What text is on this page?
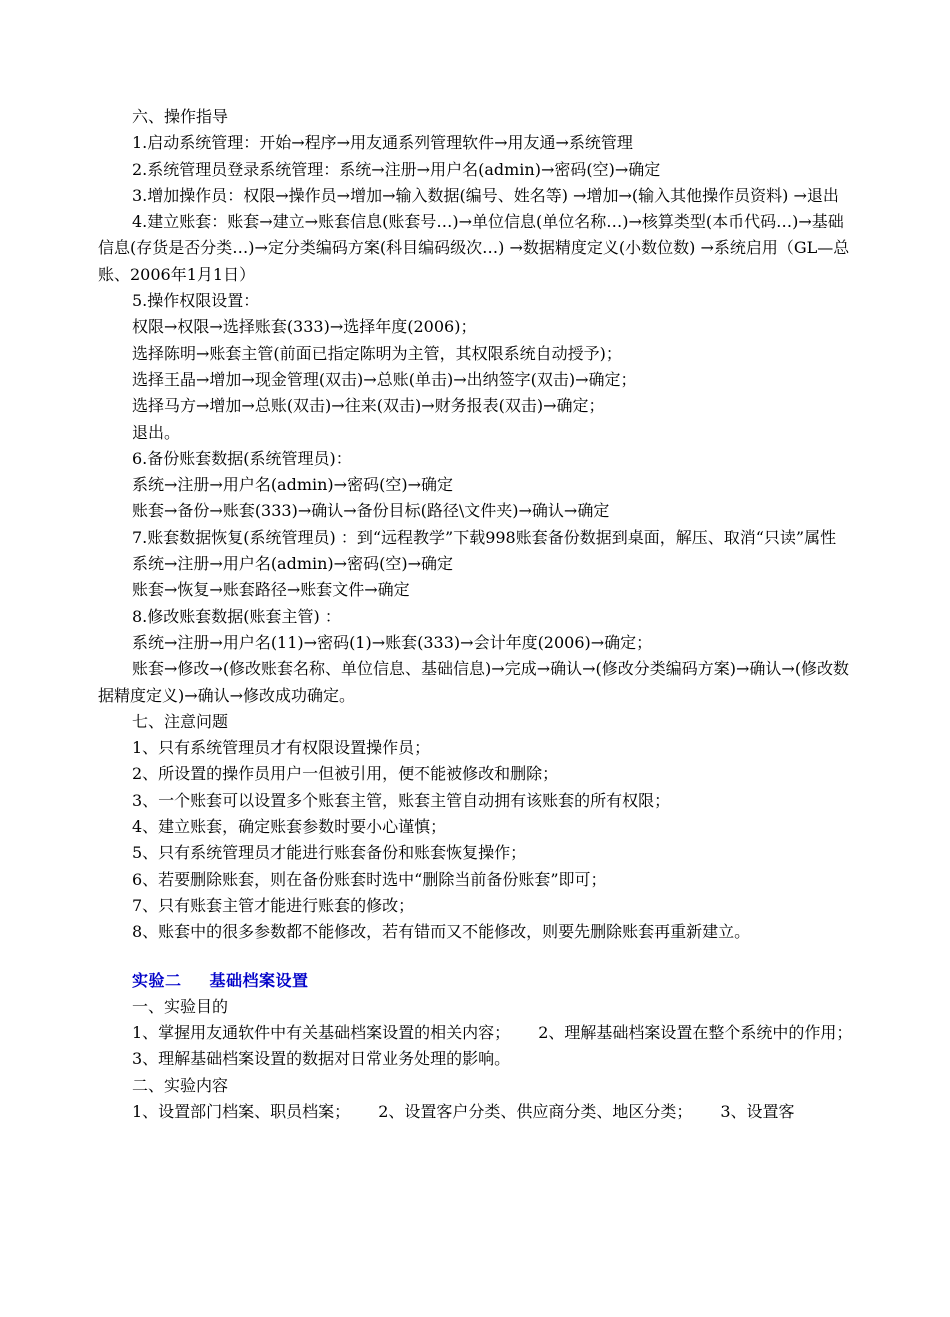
六、操作指导

1.启动系统管理：开始→程序→用友通系列管理软件→用友通→系统管理

2.系统管理员登录系统管理：系统→注册→用户名(admin)→密码(空)→确定

3.增加操作员：权限→操作员→增加→输入数据(编号、姓名等) →增加→(输入其他操作员资料) →退出

4.建立账套：账套→建立→账套信息(账套号…)→单位信息(单位名称…)→核算类型(本币代码…)→基础信息(存货是否分类…)→定分类编码方案(科目编码级次…) →数据精度定义(小数位数) →系统启用（GL—总账、2006年1月1日）

5.操作权限设置：

权限→权限→选择账套(333)→选择年度(2006)；

选择陈明→账套主管(前面已指定陈明为主管，其权限系统自动授予)；

选择王晶→增加→现金管理(双击)→总账(单击)→出纳签字(双击)→确定；

选择马方→增加→总账(双击)→往来(双击)→财务报表(双击)→确定；

退出。

6.备份账套数据(系统管理员)：

系统→注册→用户名(admin)→密码(空)→确定

账套→备份→账套(333)→确认→备份目标(路径\文件夹)→确认→确定

7.账套数据恢复(系统管理员) ：到“远程教学”下载998账套备份数据到桌面，解压、取消“只读”属性

系统→注册→用户名(admin)→密码(空)→确定

账套→恢复→账套路径→账套文件→确定

8.修改账套数据(账套主管) ：

系统→注册→用户名(11)→密码(1)→账套(333)→会计年度(2006)→确定；

账套→修改→(修改账套名称、单位信息、基础信息)→完成→确认→(修改分类编码方案)→确认→(修改数据精度定义)→确认→修改成功确定。

七、注意问题

1、只有系统管理员才有权限设置操作员；

2、所设置的操作员用户一但被引用，便不能被修改和删除；

3、一个账套可以设置多个账套主管，账套主管自动拥有该账套的所有权限；

4、建立账套，确定账套参数时要小心谨慎；

5、只有系统管理员才能进行账套备份和账套恢复操作；

6、若要删除账套，则在备份账套时选中“删除当前备份账套”即可；

7、只有账套主管才能进行账套的修改；

8、账套中的很多参数都不能修改，若有错而又不能修改，则要先删除账套再重新建立。

实验二 基础档案设置

一、实验目的

1、掌握用友通软件中有关基础档案设置的相关内容； 2、理解基础档案设置在整个系统中的作用；

3、理解基础档案设置的数据对日常业务处理的影响。

二、实验内容

1、设置部门档案、职员档案； 2、设置客户分类、供应商分类、地区分类； 3、设置客
